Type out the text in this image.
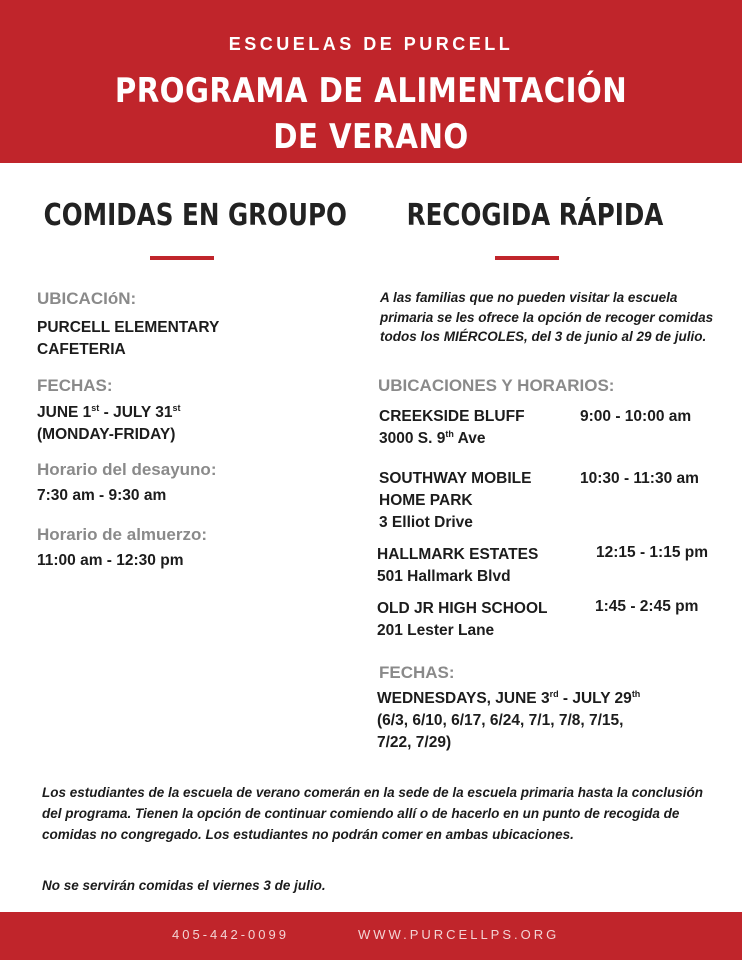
ESCUELAS DE PURCELL
PROGRAMA DE ALIMENTACIÓN
DE VERANO
COMIDAS EN GROUPO	RECOGIDA RÁPIDA
UBICACIóN:
PURCELL ELEMENTARY
CAFETERIA
FECHAS:
JUNE 1st - JULY 31st
(MONDAY-FRIDAY)
Horario del desayuno:
7:30 am - 9:30 am
Horario de almuerzo:
11:00 am - 12:30 pm
A las familias que no pueden visitar la escuela primaria se les ofrece la opción de recoger comidas todos los MIÉRCOLES, del 3 de junio al 29 de julio.
UBICACIONES Y HORARIOS:
CREEKSIDE BLUFF
3000 S. 9th Ave
9:00 - 10:00 am
SOUTHWAY MOBILE
HOME PARK
3 Elliot Drive
10:30 - 11:30 am
HALLMARK ESTATES
501 Hallmark Blvd
12:15 - 1:15 pm
OLD JR HIGH SCHOOL
201 Lester Lane
1:45 - 2:45 pm
FECHAS:
WEDNESDAYS, JUNE 3rd - JULY 29th
(6/3, 6/10, 6/17, 6/24, 7/1, 7/8, 7/15,
7/22, 7/29)
Los estudiantes de la escuela de verano comerán en la sede de la escuela primaria hasta la conclusión del programa. Tienen la opción de continuar comiendo allí o de hacerlo en un punto de recogida de comidas no congregado. Los estudiantes no podrán comer en ambas ubicaciones.
No se servirán comidas el viernes 3 de julio.
405-442-0099	WWW.PURCELLPS.ORG
